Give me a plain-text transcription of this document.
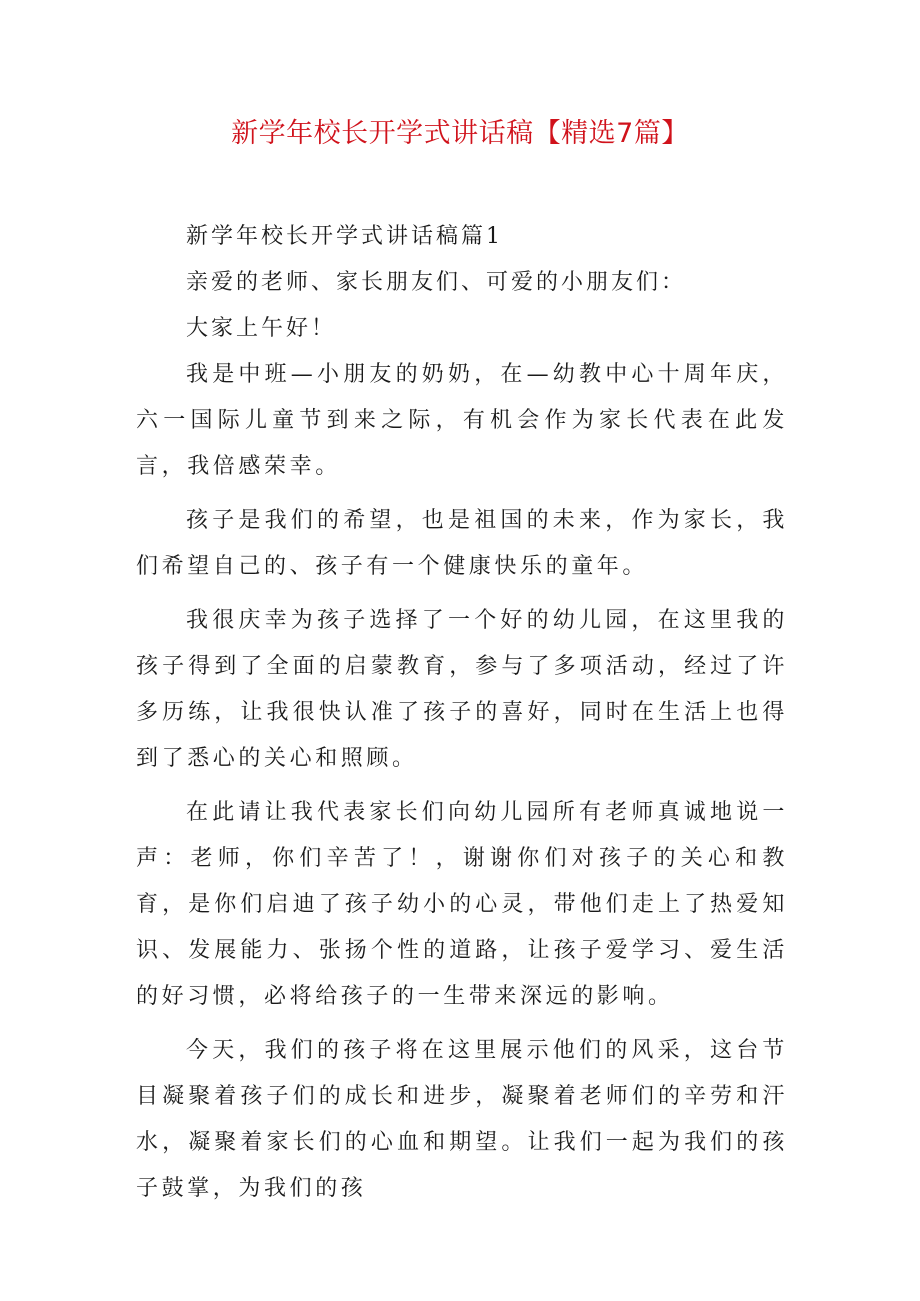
新学年校长开学式讲话稿【精选7篇】

新学年校长开学式讲话稿篇1

亲爱的老师、家长朋友们、可爱的小朋友们：

大家上午好！

我是中班—小朋友的奶奶，在—幼教中心十周年庆，六一国际儿童节到来之际，有机会作为家长代表在此发言，我倍感荣幸。

孩子是我们的希望，也是祖国的未来，作为家长，我们希望自己的、孩子有一个健康快乐的童年。

我很庆幸为孩子选择了一个好的幼儿园，在这里我的孩子得到了全面的启蒙教育，参与了多项活动，经过了许多历练，让我很快认准了孩子的喜好，同时在生活上也得到了悉心的关心和照顾。

在此请让我代表家长们向幼儿园所有老师真诚地说一声：老师，你们辛苦了！，谢谢你们对孩子的关心和教育，是你们启迪了孩子幼小的心灵，带他们走上了热爱知识、发展能力、张扬个性的道路，让孩子爱学习、爱生活的好习惯，必将给孩子的一生带来深远的影响。

今天，我们的孩子将在这里展示他们的风采，这台节目凝聚着孩子们的成长和进步，凝聚着老师们的辛劳和汗水，凝聚着家长们的心血和期望。让我们一起为我们的孩子鼓掌，为我们的孩
